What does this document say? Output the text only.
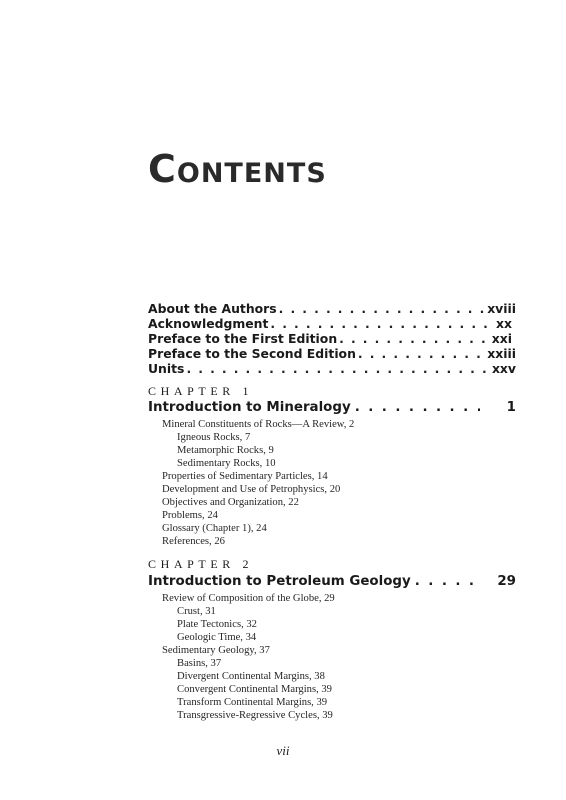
Contents
About the Authors . . .	xviii
Acknowledgment . . .	xx
Preface to the First Edition . . .	xxi
Preface to the Second Edition . . .	xxiii
Units . . .	xxv
CHAPTER 1
Introduction to Mineralogy . . .	1
Mineral Constituents of Rocks—A Review, 2
Igneous Rocks, 7
Metamorphic Rocks, 9
Sedimentary Rocks, 10
Properties of Sedimentary Particles, 14
Development and Use of Petrophysics, 20
Objectives and Organization, 22
Problems, 24
Glossary (Chapter 1), 24
References, 26
CHAPTER 2
Introduction to Petroleum Geology . . .	29
Review of Composition of the Globe, 29
Crust, 31
Plate Tectonics, 32
Geologic Time, 34
Sedimentary Geology, 37
Basins, 37
Divergent Continental Margins, 38
Convergent Continental Margins, 39
Transform Continental Margins, 39
Transgressive-Regressive Cycles, 39
vii
